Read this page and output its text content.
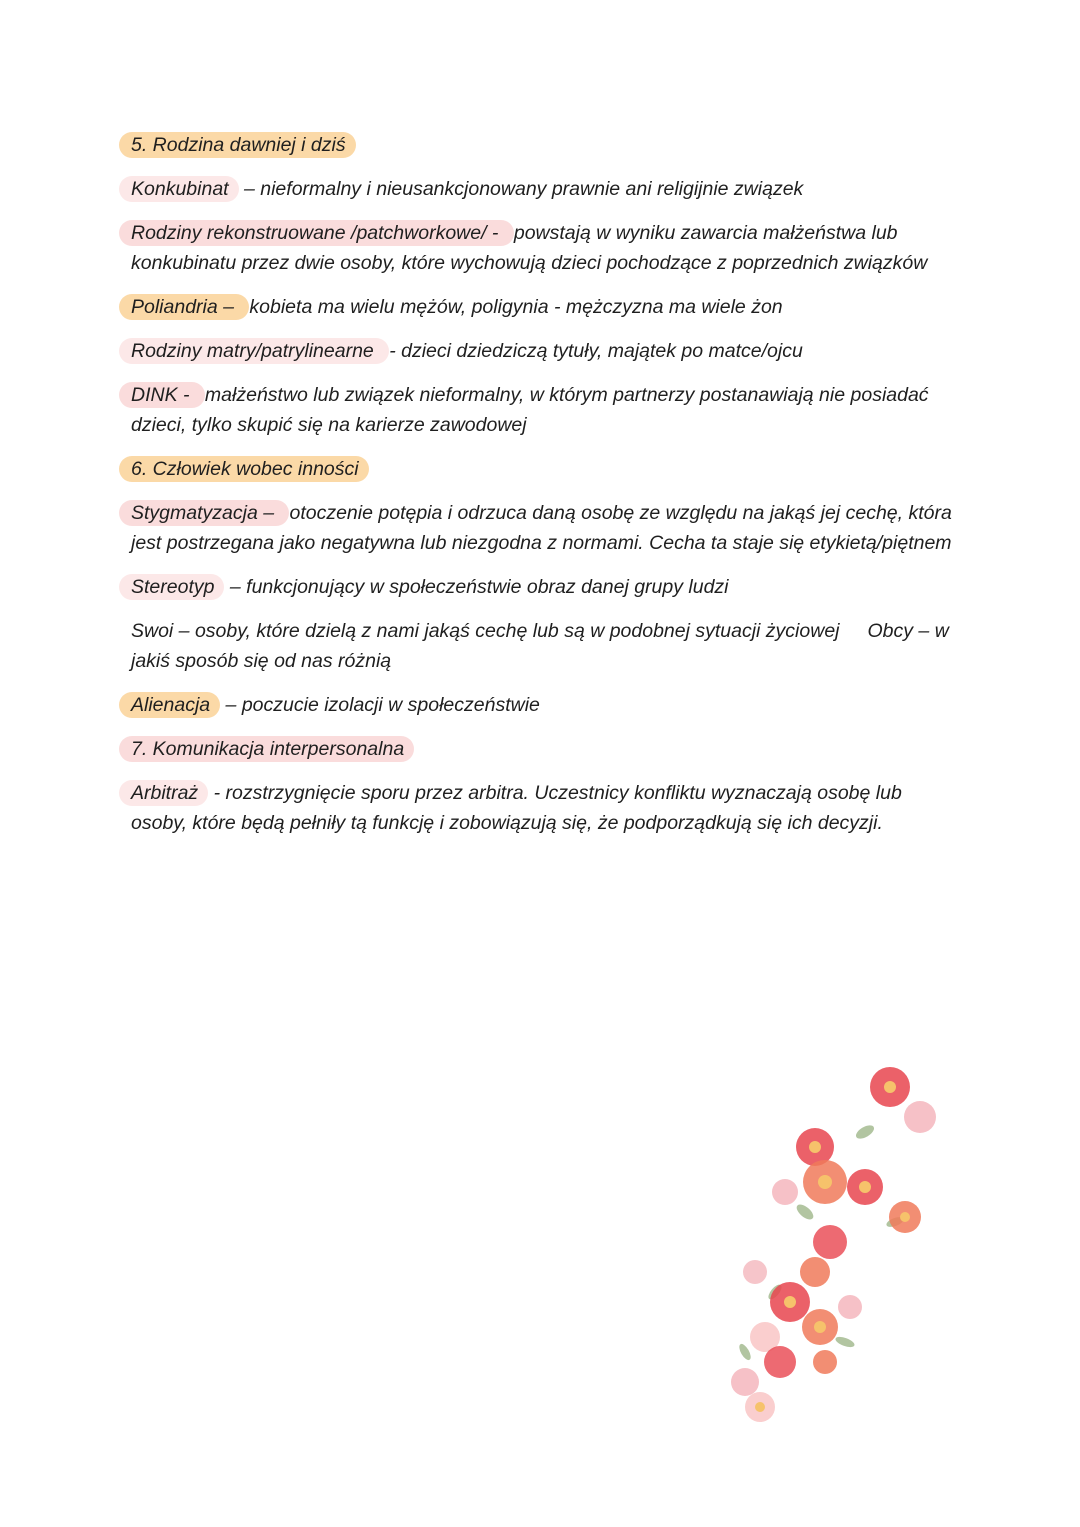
5. Rodzina dawniej i dziś

Konkubinat – nieformalny i nieusankcjonowany prawnie ani religijnie związek

Rodziny rekonstruowane /patchworkowe/ - powstają w wyniku zawarcia małżeństwa lub konkubinatu przez dwie osoby, które wychowują dzieci pochodzące z poprzednich związków

Poliandria – kobieta ma wielu mężów, poligynia - mężczyzna ma wiele żon

Rodziny matry/patrylinearne - dzieci dziedziczą tytuły, majątek po matce/ojcu

DINK - małżeństwo lub związek nieformalny, w którym partnerzy postanawiają nie posiadać dzieci, tylko skupić się na karierze zawodowej

6. Człowiek wobec inności

Stygmatyzacja – otoczenie potępia i odrzuca daną osobę ze względu na jakąś jej cechę, która jest postrzegana jako negatywna lub niezgodna z normami. Cecha ta staje się etykietą/piętnem

Stereotyp – funkcjonujący w społeczeństwie obraz danej grupy ludzi

Swoi – osoby, które dzielą z nami jakąś cechę lub są w podobnej sytuacji życiowej Obcy – w jakiś sposób się od nas różnią

Alienacja – poczucie izolacji w społeczeństwie

7. Komunikacja interpersonalna

Arbitraż - rozstrzygnięcie sporu przez arbitra. Uczestnicy konfliktu wyznaczają osobę lub osoby, które będą pełniły tą funkcję i zobowiązują się, że podporządkują się ich decyzji.
